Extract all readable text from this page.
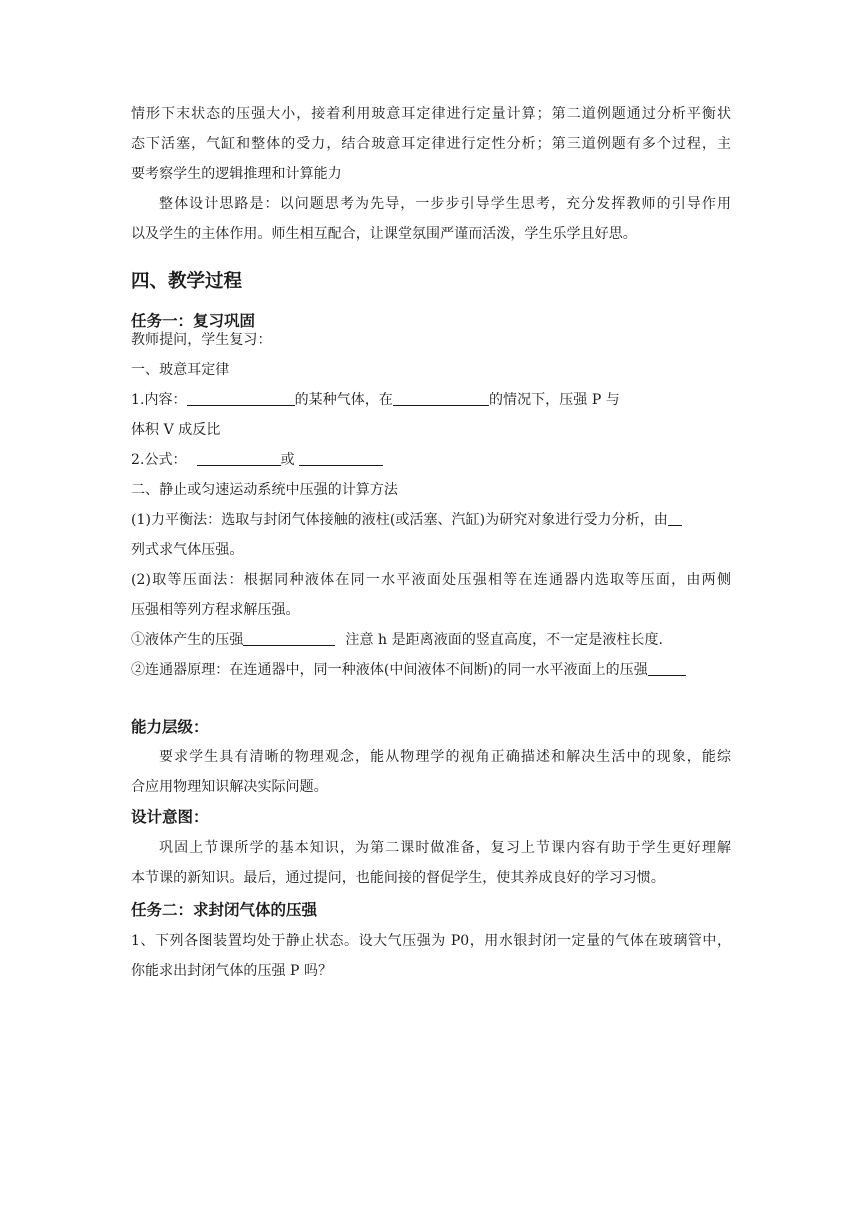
情形下末状态的压强大小，接着利用玻意耳定律进行定量计算；第二道例题通过分析平衡状
态下活塞，气缸和整体的受力，结合玻意耳定律进行定性分析；第三道例题有多个过程，主
要考察学生的逻辑推理和计算能力
整体设计思路是：以问题思考为先导，一步步引导学生思考，充分发挥教师的引导作用
以及学生的主体作用。师生相互配合，让课堂氛围严谨而活泼，学生乐学且好思。
四、教学过程
任务一：复习巩固
教师提问，学生复习：
一、玻意耳定律
1.内容：	的某种气体，在	的情况下，压强 P 与
体积 V 成反比
2.公式：	或
二、静止或匀速运动系统中压强的计算方法
(1)力平衡法：选取与封闭气体接触的液柱(或活塞、汽缸)为研究对象进行受力分析，由
列式求气体压强。
(2)取等压面法：根据同种液体在同一水平液面处压强相等在连通器内选取等压面，由两侧
压强相等列方程求解压强。
①液体产生的压强	注意 h 是距离液面的竖直高度，不一定是液柱长度.
②连通器原理：在连通器中，同一种液体(中间液体不间断)的同一水平液面上的压强
能力层级：
要求学生具有清晰的物理观念，能从物理学的视角正确描述和解决生活中的现象，能综
合应用物理知识解决实际问题。
设计意图：
巩固上节课所学的基本知识，为第二课时做准备，复习上节课内容有助于学生更好理解
本节课的新知识。最后，通过提问，也能间接的督促学生，使其养成良好的学习习惯。
任务二：求封闭气体的压强
1、下列各图装置均处于静止状态。设大气压强为 P0，用水银封闭一定量的气体在玻璃管中，
你能求出封闭气体的压强 P 吗？
